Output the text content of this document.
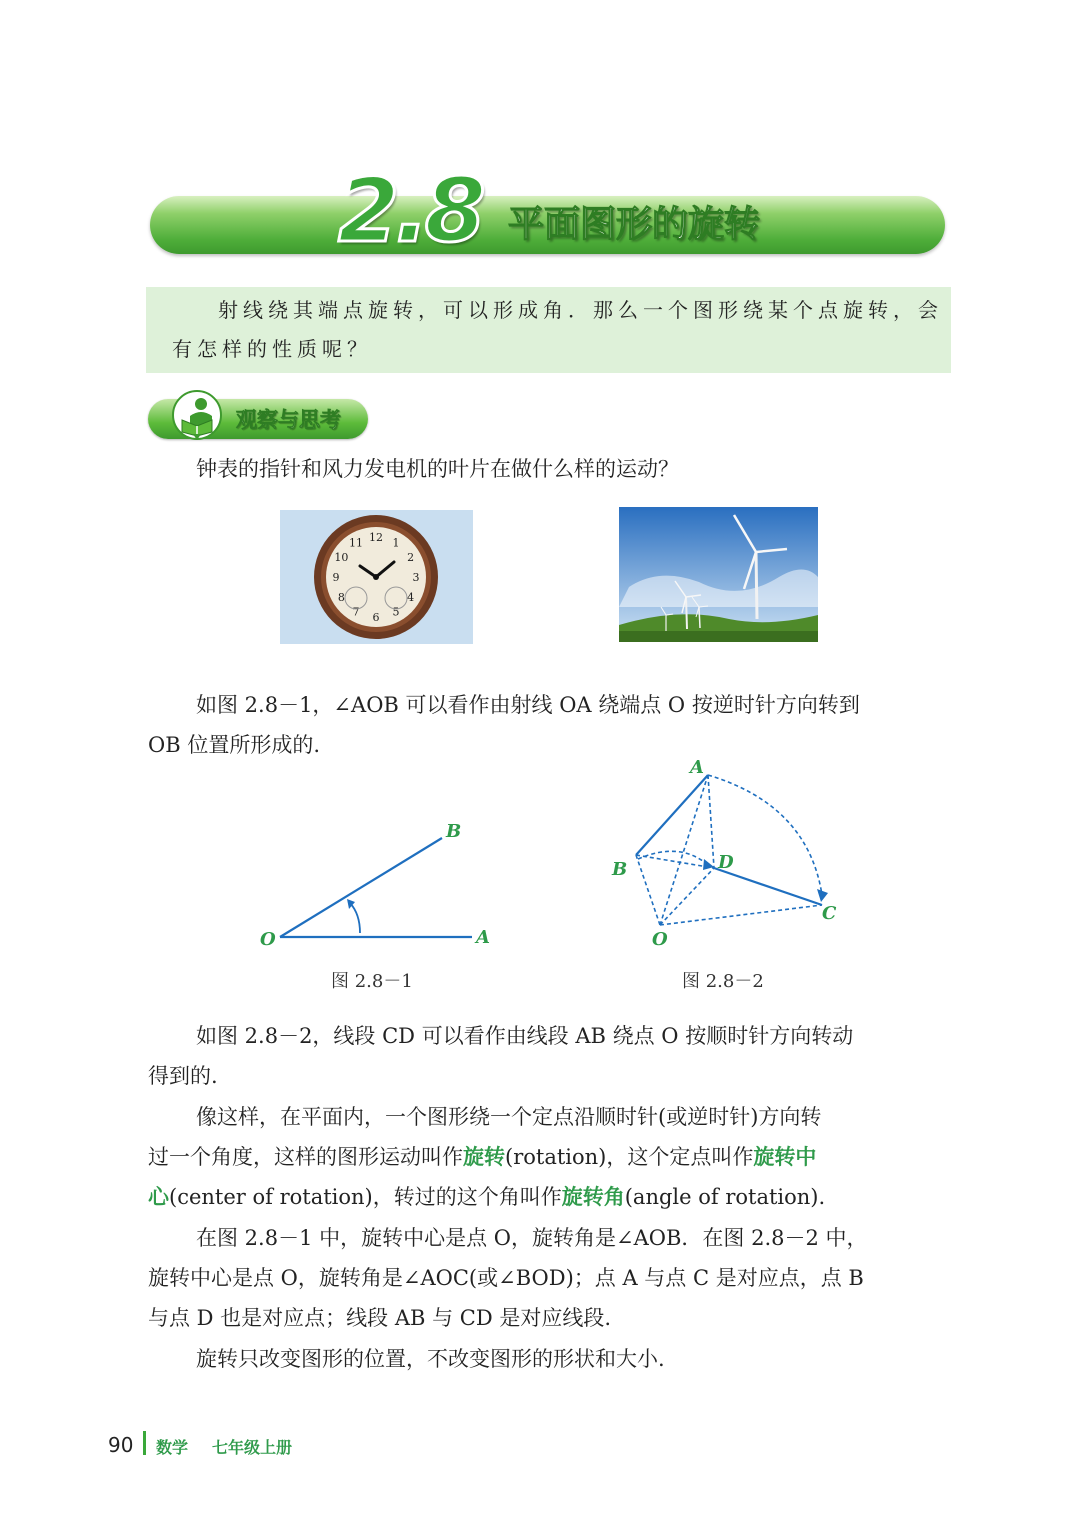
2.8 平面图形的旋转
射线绕其端点旋转，可以形成角．那么一个图形绕某个点旋转，会
有怎样的性质呢？
观察与思考
钟表的指针和风力发电机的叶片在做什么样的运动？
12 1
2
3
4
5
6
7
8
9
10
11
如图 2.8－1，∠AOB 可以看作由射线 OA 绕端点 O 按逆时针方向转到
OB 位置所形成的.
O	A
B
图 2.8－1
A
B
C
D
O
图 2.8－2
如图 2.8－2，线段 CD 可以看作由线段 AB 绕点 O 按顺时针方向转动
得到的.
像这样，在平面内，一个图形绕一个定点沿顺时针(或逆时针)方向转
过一个角度，这样的图形运动叫作旋转(rotation)，这个定点叫作旋转中
心(center of rotation)，转过的这个角叫作旋转角(angle of rotation).
在图 2.8－1 中，旋转中心是点 O，旋转角是∠AOB．在图 2.8－2 中，
旋转中心是点 O，旋转角是∠AOC(或∠BOD)；点 A 与点 C 是对应点，点 B
与点 D 也是对应点；线段 AB 与 CD 是对应线段.
旋转只改变图形的位置，不改变图形的形状和大小.
90 数学 七年级上册
